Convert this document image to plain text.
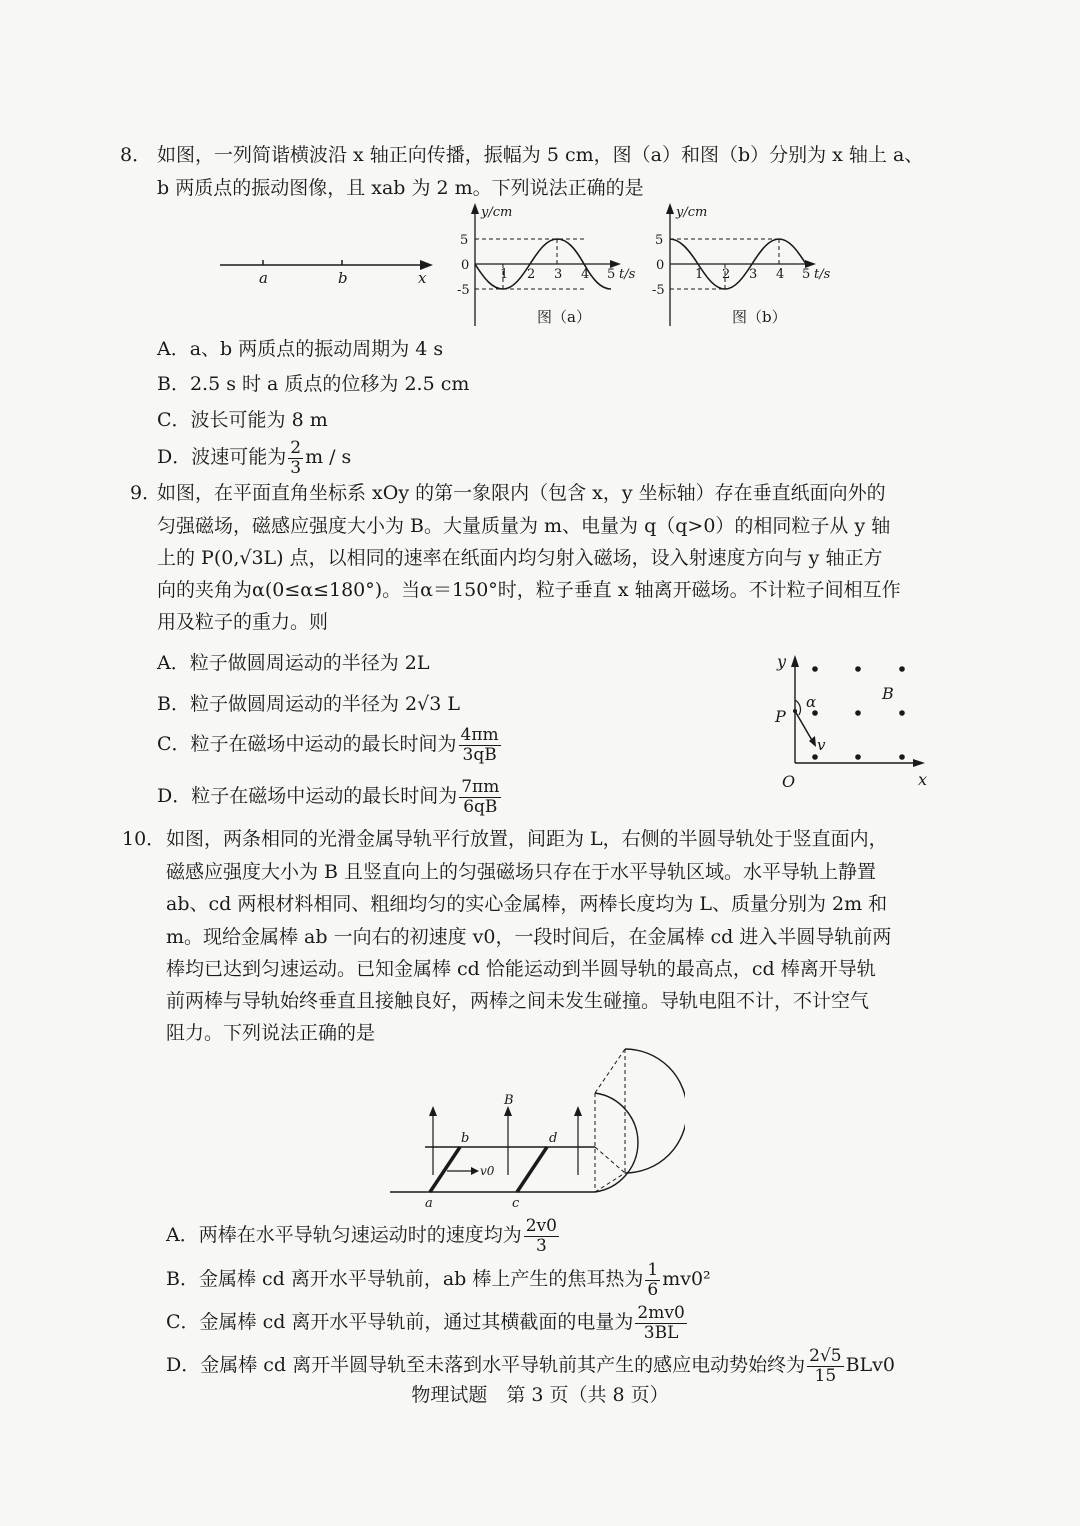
8． 如图，一列简谐横波沿 x 轴正向传播，振幅为 5 cm，图（a）和图（b）分别为 x 轴上 a、
b 两质点的振动图像，且 xab 为 2 m。下列说法正确的是
a	b	x
y/cm
5
0
-5
1 2 3 4 5 t/s
图（a）
y/cm
5
0
-5
1 2 3 4 5 t/s
图（b）
A．a、b 两质点的振动周期为 4 s
B．2.5 s 时 a 质点的位移为 2.5 cm
C．波长可能为 8 m
D．波速可能为 $\frac{2}{3}$ m / s
9．
如图，在平面直角坐标系 xOy 的第一象限内（包含 x，y 坐标轴）存在垂直纸面向外的
匀强磁场，磁感应强度大小为 B。大量质量为 m、电量为 q（q>0）的相同粒子从 y 轴
上的 P(0,√3L) 点，以相同的速率在纸面内均匀射入磁场，设入射速度方向与 y 轴正方
向的夹角为α(0≤α≤180°)。当α＝150°时，粒子垂直 x 轴离开磁场。不计粒子间相互作
用及粒子的重力。则
y
x
O
P
α
v
B
A．粒子做圆周运动的半径为 2L
B．粒子做圆周运动的半径为 2√3 L
C．粒子在磁场中运动的最长时间为 $\frac{4\pi m}{3qB}$
D．粒子在磁场中运动的最长时间为 $\frac{7\pi m}{6qB}$
10． 如图，两条相同的光滑金属导轨平行放置，间距为 L，右侧的半圆导轨处于竖直面内，
磁感应强度大小为 B 且竖直向上的匀强磁场只存在于水平导轨区域。水平导轨上静置
ab、cd 两根材料相同、粗细均匀的实心金属棒，两棒长度均为 L、质量分别为 2m 和
m。现给金属棒 ab 一向右的初速度 v0，一段时间后，在金属棒 cd 进入半圆导轨前两
棒均已达到匀速运动。已知金属棒 cd 恰能运动到半圆导轨的最高点，cd 棒离开导轨
前两棒与导轨始终垂直且接触良好，两棒之间未发生碰撞。导轨电阻不计，不计空气
阻力。下列说法正确的是
B
a
b
c
d
v0
A．两棒在水平导轨匀速运动时的速度均为 $\frac{2v0}{3}$
B．金属棒 cd 离开水平导轨前，ab 棒上产生的焦耳热为 $\frac{1}{6} mv0^2$
C．金属棒 cd 离开水平导轨前，通过其横截面的电量为 $\frac{2mv0}{3BL}$
D．金属棒 cd 离开半圆导轨至未落到水平导轨前其产生的感应电动势始终为 $\frac{2√5}{15} BLv0$
物理试题　第 3 页（共 8 页）
